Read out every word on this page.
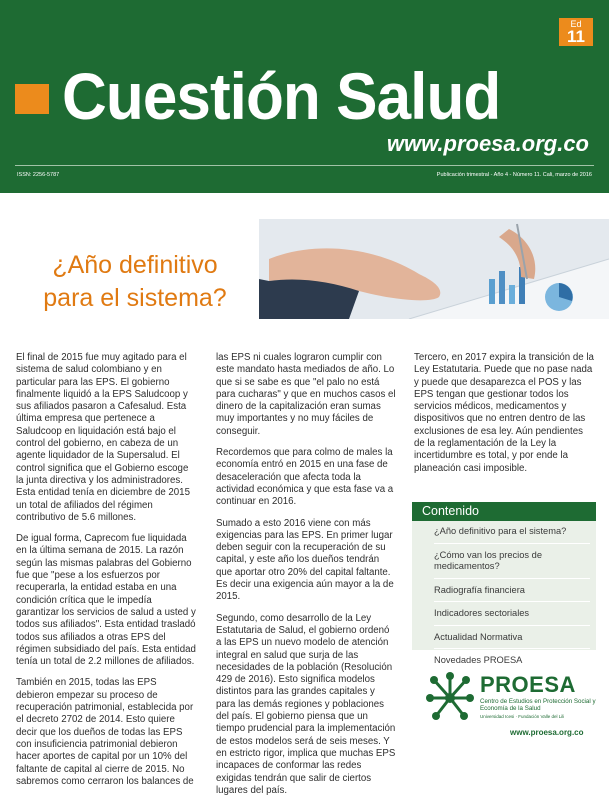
Ed
11
Cuestión Salud
www.proesa.org.co
ISSN: 2256-5787	Publicación trimestral - Año 4 - Número 11. Cali, marzo de 2016
¿Año definitivo para el sistema?

El final de 2015 fue muy agitado para el sistema de salud colombiano y en particular para las EPS. El gobierno finalmente liquidó a la EPS Saludcoop y sus afiliados pasaron a Cafesalud. Esta última empresa que pertenece a Saludcoop en liquidación está bajo el control del gobierno, en cabeza de un agente liquidador de la Supersalud. El control significa que el Gobierno escoge la junta directiva y los administradores. Esta entidad tenía en diciembre de 2015 un total de afiliados del régimen contributivo de 5.6 millones.

De igual forma, Caprecom fue liquidada en la última semana de 2015. La razón según las mismas palabras del Gobierno fue que "pese a los esfuerzos por recuperarla, la entidad estaba en una condición crítica que le impedía garantizar los servicios de salud a usted y todos sus afiliados". Esta entidad trasladó todos sus afiliados a otras EPS del régimen subsidiado del país. Esta entidad tenía un total de 2.2 millones de afiliados.

También en 2015, todas las EPS debieron empezar su proceso de recuperación patrimonial, establecida por el decreto 2702 de 2014. Esto quiere decir que los dueños de todas las EPS con insuficiencia patrimonial debieron hacer aportes de capital por un 10% del faltante de capital al cierre de 2015. No sabremos como cerraron los balances de

las EPS ni cuales lograron cumplir con este mandato hasta mediados de año. Lo que si se sabe es que "el palo no está para cucharas" y que en muchos casos el dinero de la capitalización eran sumas muy importantes y no muy fáciles de conseguir.

Recordemos que para colmo de males la economía entró en 2015 en una fase de desaceleración que afecta toda la actividad económica y que esta fase va a continuar en 2016.

Sumado a esto 2016 viene con más exigencias para las EPS. En primer lugar deben seguir con la recuperación de su capital, y este año los dueños tendrán que aportar otro 20% del capital faltante. Es decir una exigencia aún mayor a la de 2015.

Segundo, como desarrollo de la Ley Estatutaria de Salud, el gobierno ordenó a las EPS un nuevo modelo de atención integral en salud que surja de las necesidades de la población (Resolución 429 de 2016). Esto significa modelos distintos para las grandes capitales y para las demás regiones y poblaciones del país. El gobierno piensa que un tiempo prudencial para la implementación de estos modelos será de seis meses. Y en estricto rigor, implica que muchas EPS incapaces de conformar las redes exigidas tendrán que salir de ciertos lugares del país.

Tercero, en 2017 expira la transición de la Ley Estatutaria. Puede que no pase nada y puede que desaparezca el POS y las EPS tengan que gestionar todos los servicios médicos, medicamentos y dispositivos que no entren dentro de las exclusiones de esa ley. Aún pendientes de la reglamentación de la Ley la incertidumbre es total, y por ende la planeación casi imposible.

Contenido
¿Año definitivo para el sistema?
¿Cómo van los precios de medicamentos?
Radiografía financiera
Indicadores sectoriales
Actualidad Normativa
Novedades PROESA
PROESA
Centro de Estudios en Protección Social y Economía de la Salud
Universidad Icesi · Fundación Valle del Lili
www.proesa.org.co
